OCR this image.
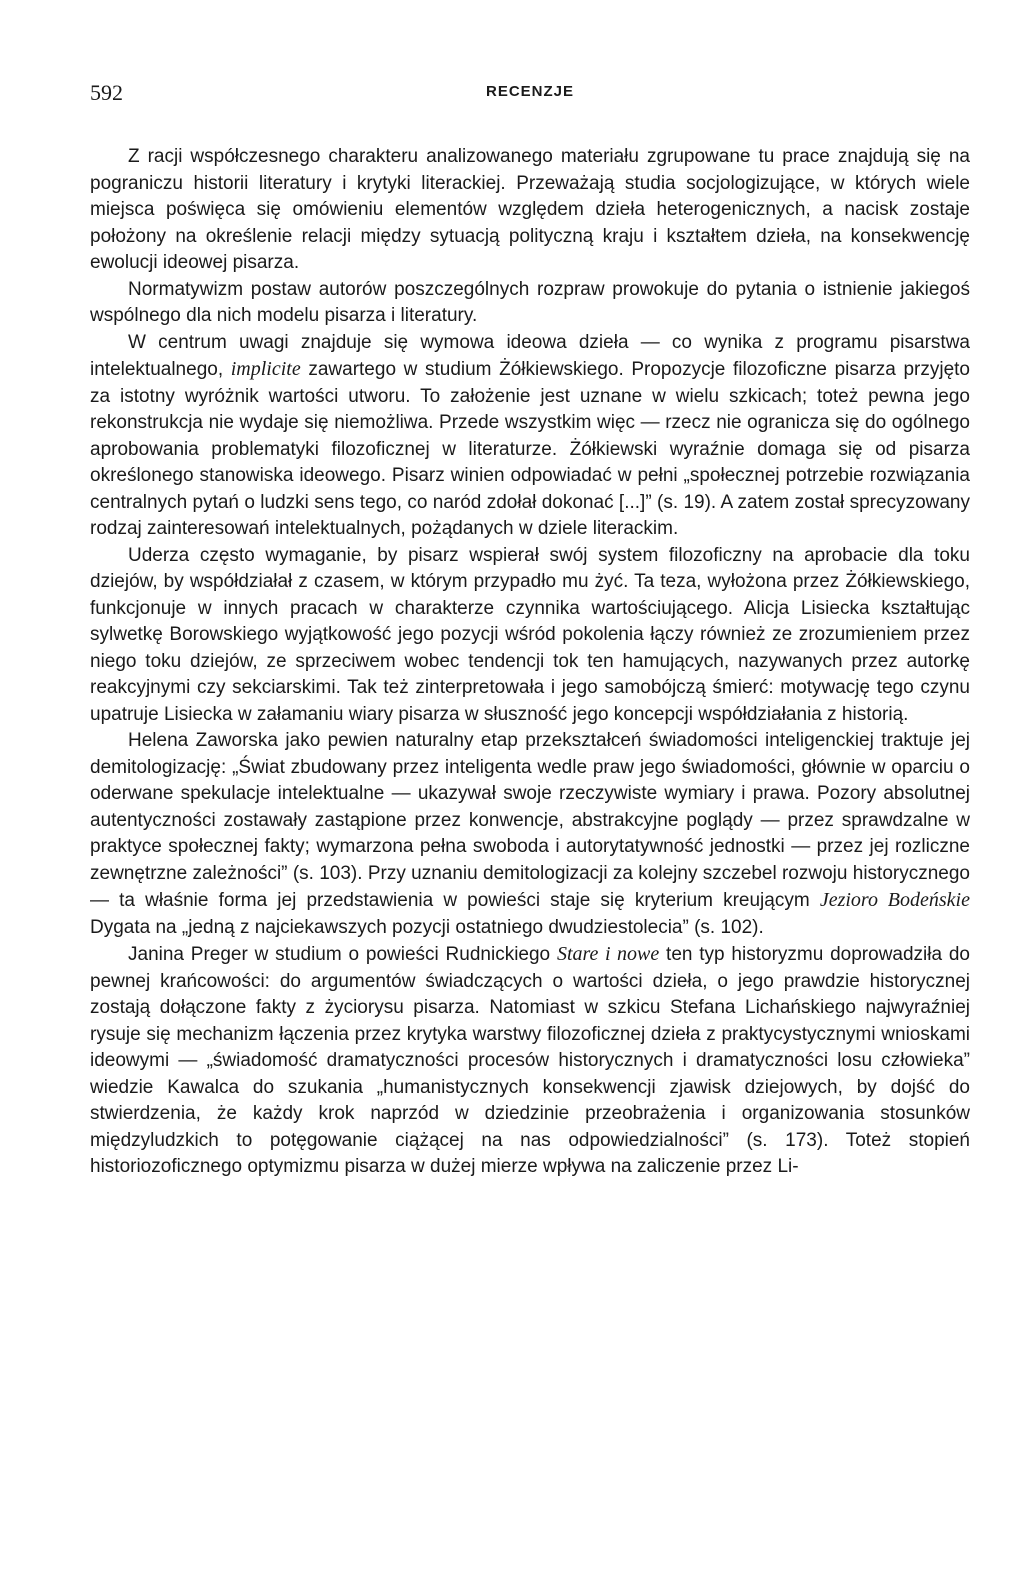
592	RECENZJE

Z racji współczesnego charakteru analizowanego materiału zgrupowane tu prace znajdują się na pograniczu historii literatury i krytyki literackiej. Przeważają studia socjologizujące, w których wiele miejsca poświęca się omówieniu elementów względem dzieła heterogenicznych, a nacisk zostaje położony na określenie relacji między sytuacją polityczną kraju i kształtem dzieła, na konsekwencję ewolucji ideowej pisarza.

Normatywizm postaw autorów poszczególnych rozpraw prowokuje do pytania o istnienie jakiegoś wspólnego dla nich modelu pisarza i literatury.

W centrum uwagi znajduje się wymowa ideowa dzieła — co wynika z programu pisarstwa intelektualnego, implicite zawartego w studium Żółkiewskiego. Propozycje filozoficzne pisarza przyjęto za istotny wyróżnik wartości utworu. To założenie jest uznane w wielu szkicach; toteż pewna jego rekonstrukcja nie wydaje się niemożliwa. Przede wszystkim więc — rzecz nie ogranicza się do ogólnego aprobowania problematyki filozoficznej w literaturze. Żółkiewski wyraźnie domaga się od pisarza określonego stanowiska ideowego. Pisarz winien odpowiadać w pełni „społecznej potrzebie rozwiązania centralnych pytań o ludzki sens tego, co naród zdołał dokonać [...]” (s. 19). A zatem został sprecyzowany rodzaj zainteresowań intelektualnych, pożądanych w dziele literackim.

Uderza często wymaganie, by pisarz wspierał swój system filozoficzny na aprobacie dla toku dziejów, by współdziałał z czasem, w którym przypadło mu żyć. Ta teza, wyłożona przez Żółkiewskiego, funkcjonuje w innych pracach w charakterze czynnika wartościującego. Alicja Lisiecka kształtując sylwetkę Borowskiego wyjątkowość jego pozycji wśród pokolenia łączy również ze zrozumieniem przez niego toku dziejów, ze sprzeciwem wobec tendencji tok ten hamujących, nazywanych przez autorkę reakcyjnymi czy sekciarskimi. Tak też zinterpretowała i jego samobójczą śmierć: motywację tego czynu upatruje Lisiecka w załamaniu wiary pisarza w słuszność jego koncepcji współdziałania z historią.

Helena Zaworska jako pewien naturalny etap przekształceń świadomości inteligenckiej traktuje jej demitologizację: „Świat zbudowany przez inteligenta wedle praw jego świadomości, głównie w oparciu o oderwane spekulacje intelektualne — ukazywał swoje rzeczywiste wymiary i prawa. Pozory absolutnej autentyczności zostawały zastąpione przez konwencje, abstrakcyjne poglądy — przez sprawdzalne w praktyce społecznej fakty; wymarzona pełna swoboda i autorytatywność jednostki — przez jej rozliczne zewnętrzne zależności” (s. 103). Przy uznaniu demitologizacji za kolejny szczebel rozwoju historycznego — ta właśnie forma jej przedstawienia w powieści staje się kryterium kreującym Jezioro Bodeńskie Dygata na „jedną z najciekawszych pozycji ostatniego dwudziestolecia” (s. 102).

Janina Preger w studium o powieści Rudnickiego Stare i nowe ten typ historyzmu doprowadziła do pewnej krańcowości: do argumentów świadczących o wartości dzieła, o jego prawdzie historycznej zostają dołączone fakty z życiorysu pisarza. Natomiast w szkicu Stefana Lichańskiego najwyraźniej rysuje się mechanizm łączenia przez krytyka warstwy filozoficznej dzieła z praktycystycznymi wnioskami ideowymi — „świadomość dramatyczności procesów historycznych i dramatyczności losu człowieka” wiedzie Kawalca do szukania „humanistycznych konsekwencji zjawisk dziejowych, by dojść do stwierdzenia, że każdy krok naprzód w dziedzinie przeobrażenia i organizowania stosunków międzyludzkich to potęgowanie ciążącej na nas odpowiedzialności” (s. 173). Toteż stopień historiozoficznego optymizmu pisarza w dużej mierze wpływa na zaliczenie przez Li-
